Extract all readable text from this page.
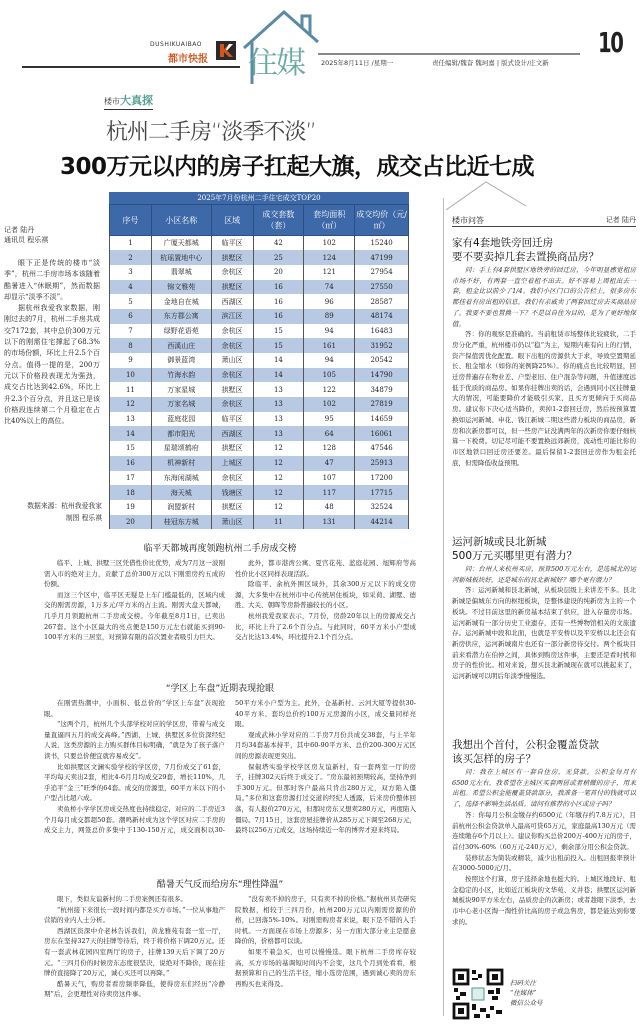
DUSHIKUAIBAO
都市快报 住媒	2025年8月11日 /星期一	责任编辑/魏奋 魏珂嘉 | 版式设计/庄文新
10
楼市大真探
杭州二手房“淡季不淡”
300万元以内的房子扛起大旗，成交占比近七成
记者 陆丹
通讯员 程乐祺

眼下正是传统的楼市“淡季”，杭州二手房市场本该随着酷暑进入“休眠期”，然而数据却显示“淡季不淡”。

据杭州我爱我家数据，刚刚过去的7月，杭州二手房共成交7172套，其中总价300万元以下的刚需住宅撑起了68.3%的市场份额，环比上升2.5个百分点。值得一提的是，200万元以下价格段表现尤为强劲，成交占比达到42.6%，环比上升2.3个百分点，并且这已是该价格段连续第二个月稳定在占比40%以上的高位。

数据来源：杭州我爱我家
制图 程乐祺
2025年7月份杭州二手住宅成交TOP20
序号	小区名称	区域	成交套数（套）	套均面积（㎡）	成交均价（元/㎡）
1	广厦天都城	临平区	42	102	15240
2	杭瑶置地中心	拱墅区	25	124	47199
3	翡翠城	余杭区	20	121	27954
4	锦文雅苑	拱墅区	16	74	27550
5	金地自在城	西湖区	16	96	28587
6	东方郡公寓	滨江区	16	89	48174
7	绿野花语苑	余杭区	15	94	16483
8	西溪山庄	余杭区	15	161	31952
9	御景蓝湾	萧山区	14	94	20542
10	竹海水韵	余杭区	14	105	14790
11	万家星城	拱墅区	13	122	34879
12	万家名城	余杭区	13	102	27819
13	蓝庭花园	临平区	13	95	14659
14	都市阳光	西湖区	13	64	16061
15	星瑞颂鹤府	拱墅区	12	128	47546
16	机神新村	上城区	12	47	25913
17	东海闲湖城	余杭区	12	107	17200
18	海天城	钱塘区	12	117	17715
19	润盟新村	拱墅区	12	48	32524
20	桂冠东方城	萧山区	11	131	44214
临平天都城再度领跑杭州二手房成交榜

临平、上城、拱墅三区凭借性价比优势，成为7月这一波刚需入市的绝对主力，贡献了总价300万元以下刚需房约五成的份额。

而这三个区中，临平区无疑是上车门槛最低的，区域内成交的刚需房源，1万多元/平方米的占主流。刚需大盘天都城，几乎月月领跑杭州二手房成交榜。今年截至8月1日，已卖出267套。这个小区最大的亮点便是150万元左右就能买到90-100平方米的三居室，对预算有限的首次置业者吸引力巨大。

此外，都市港湾公寓、夏宫花苑、蓝庭花园、旭辉府等高性价比小区同样表现活跃。

除临平、余杭外围区域外，其余300万元以下的成交房源，大多集中在杭州市中心传统居住板块，如采荷、湖墅、德胜、大关、朝晖等房龄普遍较长的小区。

杭州我爱我家表示，7月份，房龄20年以上的房源成交占比，环比上升了2.6个百分点。与此同时，60平方米小户型成交占比达13.4%，环比提升2.1个百分点。

“学区上车盘”近期表现抢眼

在刚需热潮中，小面积、低总价的“学区上车盘”表现抢眼。

“这两个月，杭州几个头部学校对应的学区房，带着与成交量直逼四五月的成交高峰。”西湖、上城、拱墅区多位资深经纪人说，这类房源的主力购买群体目标明确，“就是为了孩子落户读书，只要总价便宜就容易成交”。

比如拱墅区文澜实验学校的学区房，7月份成交了61套，平均每天卖出2套，相比4-6月月均成交29套，增长110%，几乎追平“金三”旺季的64套。成交的房源里，60平方米以下的小户型占比超六成。

卖鱼桥小学学区房成交热度也持续稳定，对应的二手房近3个月每月成交都超50套。潮鸣新村成为这个学区对应二手房的成交主力，网签总价多集中于130-150万元，成交面积以30-50平方米小户型为主。此外，仓基新村、云河大厦等提供30-40平方米、套均总价约100万元房源的小区，成交量同样亮眼。

观成武林小学对应的二手房7月份共成交38套，与上半年月均34套基本持平，其中60-90平方米、总价200-300万元区间的房源表现更突出。

保俶塔实验学校学区房友谊新村，有一套两室一厅的房子，挂牌302天后终于成交了。“房东最初预期较高，坚持净到手300万元。但那时客户最高只肯出280万元，双方陷入僵局。”多位和这套房源打过交道的经纪人透露，后来房价整体回落，有人报价270万元，但那时房东又想卖280万元，再度陷入僵局。7月15日，这套房屋挂牌价从285万元下调至268万元，最终以256万元成交，这场持续近一年的博弈才迎来终局。

酷暑天气反而给房东“理性降温”

眼下，类似友谊新村的二手房案例还有很多。

“杭州接下来很长一段时间内都是买方市场。”一位从事地产营销的业内人士分析。

西湖区资深中介老林告诉我们，黄龙雅苑有套一室一厅，房东在坚持327天的挂牌等待后，终于将价格下调20万元。还有一套武林花园四室两厅的房子，挂牌139天后下调了20万元。“三四月份的时候房东态度很坚决，说绝对不降价，现在挂牌价直接降了20万元，诚心买还可以再降。”

酷暑天气，购房者看房频率降低，使得房东们经历“冷静期”后，会更理性对待卖房这件事。

“没有卖不掉的房子，只有卖不掉的价格。”据杭州贝壳研究院数据，相较于三四月份，杭州200万元以内刚需房源的价格，已回落5%-10%。对刚需购房者来说，眼下是不错的入手时机。一方面现在市场上房源多；另一方面大部分业主是愿意降价的，价格都可以谈。

如果不着急买，也可以慢慢选。眼下杭州二手房库存较高，买方市场的基调短时间内不会变，这几个月到处看看，根据预算和自己的生活半径，缩小选房范围，遇到诚心卖的房东再购买也来得及。

楼市问答	记者 陆丹
家有4套地铁旁回迁房
要不要卖掉几套去置换商品房？

问：手上有4套拱墅区地铁旁的回迁房，今年明显感觉租房市场不好，有两套一直空着租不出去。好不容易上周租出去一套，租金比以前少了1/4。我们小区门口的公告栏上，很多房东都挂着有房出租的信息。我们有亲戚卖了两套回迁房去买商品房了。我要不要也置换一下？不是以自住为目的，是为了更好地保值。

答：你的观察是准确的。当前租赁市场整体比较疲软，二手房分化严重，杭州楼市仍以“稳”为主，短期内难有向上的行情，资产保值需优化配置。眼下出租的房源供大于求，导致空置期延长、租金缩水（如你的案例降25%）。你的痛点也比较明显，回迁房普遍存在物业差、户型老旧、住户混杂等问题，升值速度远低于优质的商品房。如果你挂牌出卖的话，会遇到同小区挂牌量大的情况，可能要降价才能吸引买家，且买方更倾向于买商品房。建议你下决心适当降价，卖掉1-2套回迁房，然后按预算置换如运河新城、申花、钱江新城二期这些潜力板块的商品房，新房和次新房都可以，但一些房产证没满两年的次新房你要仔细核算一下税费。切记尽可能不要置换远郊新房，流动性可能比你的市区地铁口回迁房还要差。最后保留1-2套回迁房作为租金托底，但需降低收益预期。

运河新城或艮北新城
500万元买哪里更有潜力？

问：台州人来杭州买房，预算500万元左右，是选城北的运河新城板块好，还是城东的艮北新城好？哪个更有潜力？

答：运河新城和艮北新城，从板块层级上来讲差不多。艮北新城是偏城东方向的枢纽板块，是整体建设的纯新房为主的一个板块。不过目前这里的新房基本结束了供应，进入存量房市场。运河新城有一部分历史工业遗存，还有一些博物馆相关的文旅遗存。运河新城中段和北面，也就是平安桥以及平安桥以北还会有新房供应，运河新城南片也还有一部分新房待交付。两个板块目前来看潜力在伯仲之间，具体到购房这件事，主要还是看时机和房子的性价比。相对来说，想买艮北新城现在就可以挑起来了，运河新城可以明后年淡季慢慢选。

我想出个首付，公积金覆盖贷款
该买怎样的房子？

问：我在上城区有一套自住房，无贷款。公积金每月有6500元左右，我希望在主城区买套两居或者稍微的房子，用来出租。希望公积金能覆盖贷款部分，我准备一笔首付的钱就可以了，选择不影响生活品质。请问有推荐的小区或房子吗？

答：你每月公积金缴存约6500元（年缴存约7.8万元），目前杭州公积金贷款单人最高可贷65万元，家庭最高130万元（需连续缴存6个月以上）。建议你购买总价200万-400万元的房子，首付30%-60%（60万元-240万元），剩余部分用公积金贷款。

装修状态为简装或精装，减少出租前投入。出租回报率预计在3000-5000元/月。

按照这个打算，房子选择余地也挺大的。上城区地段好、租金稳定的小区，比如近江板块的文华苑、义井巷；拱墅区运河新城板块90平方米左右，品质房企的次新房；或者趁眼下淡季，去市中心老小区淘一淘性价比高的房子或急售房，都是能达到你要求的。

扫码关注
“住媒体”
微信公众号
